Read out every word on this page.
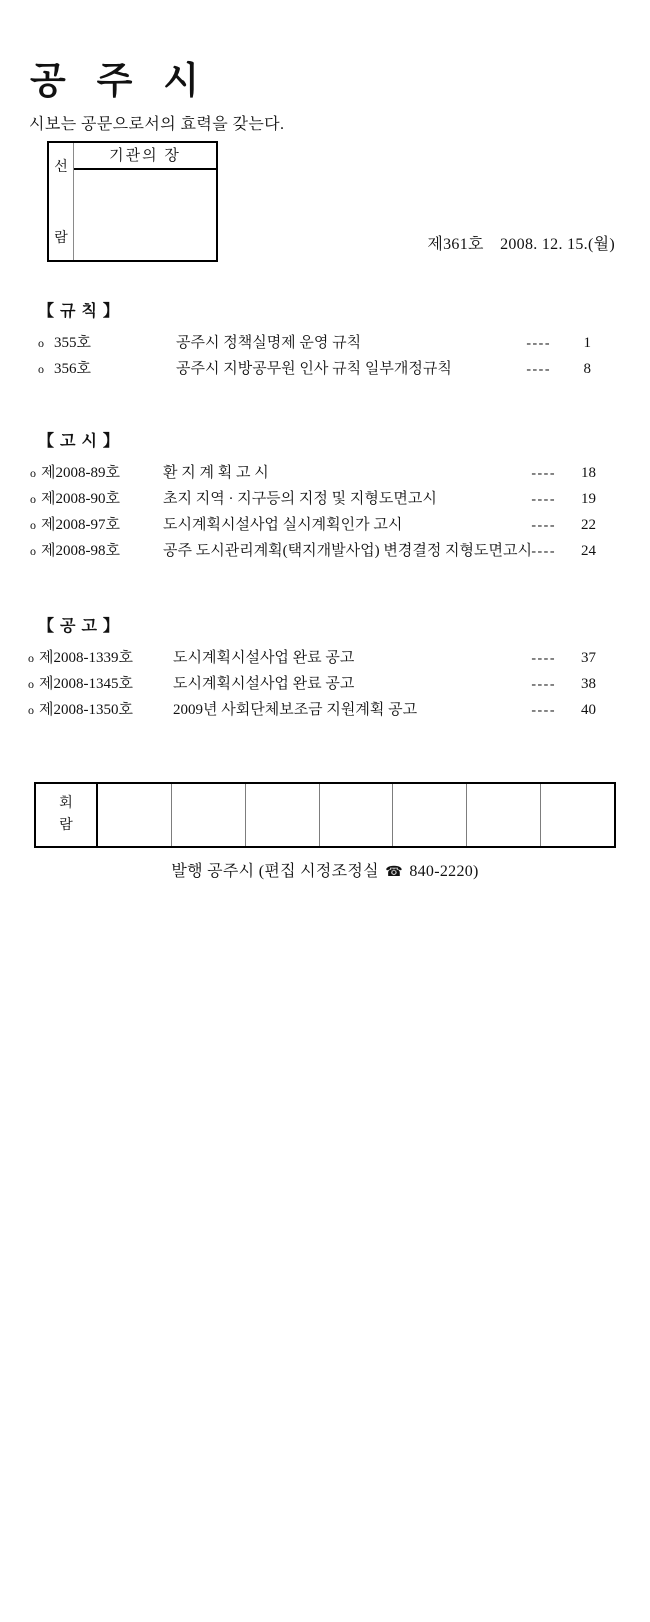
공 주 시
시보는 공문으로서의 효력을 갖는다.
선
람
기관의 장
제361호 2008. 12. 15.(월)
【 규 칙 】
o 355호	공주시 정책실명제 운영 규칙	----	1
o 356호	공주시 지방공무원 인사 규칙 일부개정규칙	----	8
【 고 시 】
o 제2008-89호	환 지 계 획 고 시	----	18
o 제2008-90호	초지 지역 · 지구등의 지정 및 지형도면고시	----	19
o 제2008-97호	도시계획시설사업 실시계획인가 고시	----	22
o 제2008-98호	공주 도시관리계획(택지개발사업) 변경결정 지형도면고시 ----	24
【 공 고 】
o 제2008-1339호	도시계획시설사업 완료 공고	----	37
o 제2008-1345호	도시계획시설사업 완료 공고	----	38
o 제2008-1350호	2009년 사회단체보조금 지원계획 공고	----	40
회
람
발행 공주시 (편집 시정조정실 ☎ 840-2220)
